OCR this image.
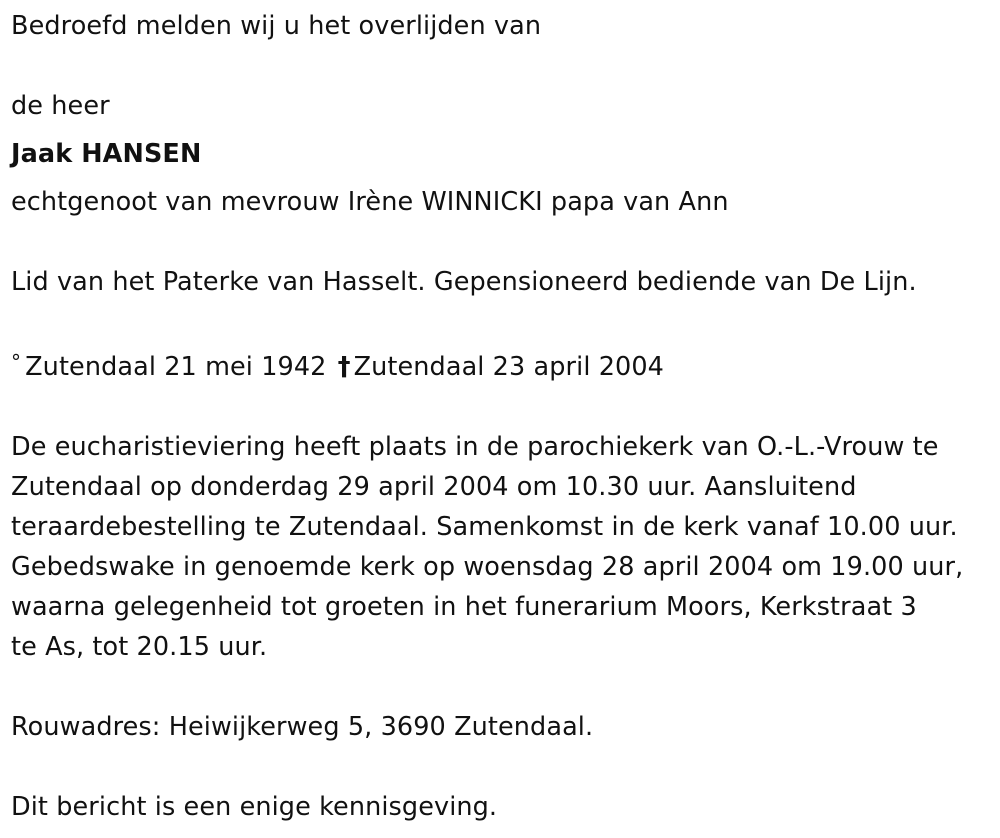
Bedroefd melden wij u het overlijden van

de heer

Jaak HANSEN

echtgenoot van mevrouw Irène WINNICKI papa van Ann

Lid van het Paterke van Hasselt. Gepensioneerd bediende van De Lijn.

° Zutendaal 21 mei 1942 † Zutendaal 23 april 2004

De eucharistieviering heeft plaats in de parochiekerk van O.-L.-Vrouw te

Zutendaal op donderdag 29 april 2004 om 10.30 uur. Aansluitend

teraardebestelling te Zutendaal. Samenkomst in de kerk vanaf 10.00 uur.

Gebedswake in genoemde kerk op woensdag 28 april 2004 om 19.00 uur,

waarna gelegenheid tot groeten in het funerarium Moors, Kerkstraat 3

te As, tot 20.15 uur.

Rouwadres: Heiwijkerweg 5, 3690 Zutendaal.

Dit bericht is een enige kennisgeving.
